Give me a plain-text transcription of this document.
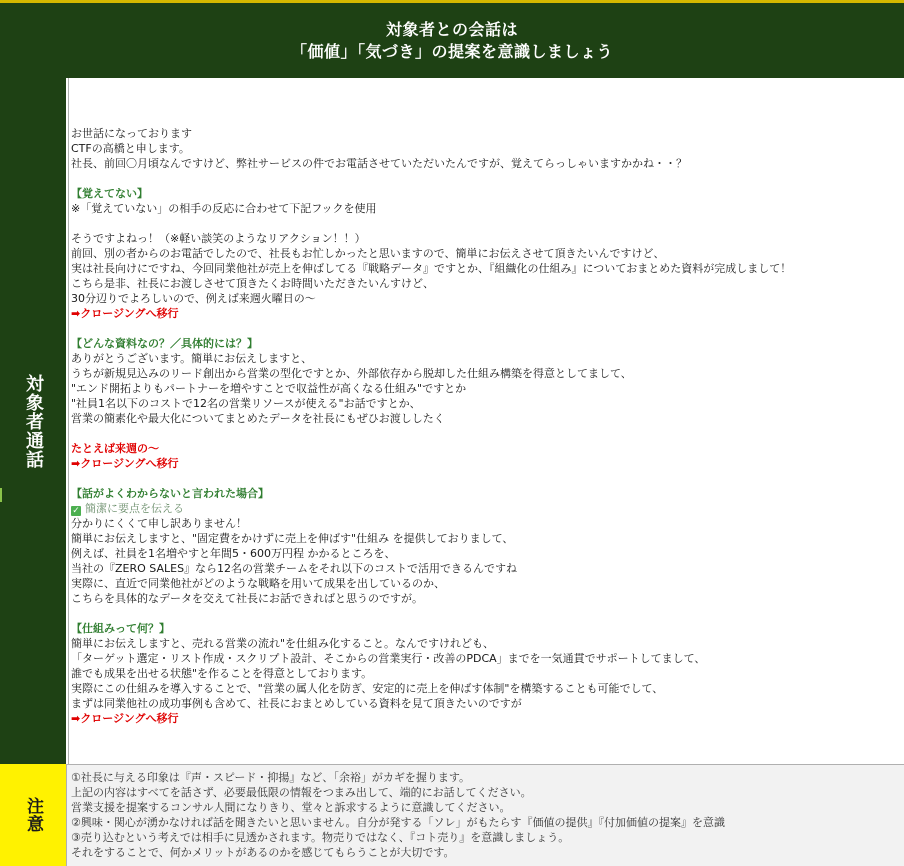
対象者との会話は
「価値」「気づき」の提案を意識しましょう
対象者通話
お世話になっております
CTFの高橋と申します。
社長、前回〇月頃なんですけど、弊社サービスの件でお電話させていただいたんですが、覚えてらっしゃいますかかね・・？
【覚えてない】
※「覚えていない」の相手の反応に合わせて下記フックを使用
そうですよねっ！（※軽い談笑のようなリアクション！！）
前回、別の者からのお電話でしたので、社長もお忙しかったと思いますので、簡単にお伝えさせて頂きたいんですけど、
実は社長向けにですね、今回同業他社が売上を伸ばしてる『戦略データ』ですとか、『組織化の仕組み』についておまとめた資料が完成しまして！
こちら是非、社長にお渡しさせて頂きたくお時間いただきたいんすけど、
30分辺りでよろしいので、例えば来週火曜日の〜
➡クロージングへ移行
【どんな資料なの？／具体的には？】
ありがとうございます。簡単にお伝えしますと、
うちが新規見込みのリード創出から営業の型化ですとか、外部依存から脱却した仕組み構築を得意としてまして、
"エンド開拓よりもパートナーを増やすことで収益性が高くなる仕組み"ですとか
"社員1名以下のコストで12名の営業リソースが使える"お話ですとか、
営業の簡素化や最大化についてまとめたデータを社長にもぜひお渡ししたく
たとえば来週の〜
➡クロージングへ移行
【話がよくわからないと言われた場合】
✓ 簡潔に要点を伝える
分かりにくくて申し訳ありません！
簡単にお伝えしますと、"固定費をかけずに売上を伸ばす"仕組み を提供しておりまして、
例えば、社員を1名増やすと年間5・600万円程 かかるところを、
当社の『ZERO SALES』なら12名の営業チームをそれ以下のコストで活用できるんですね
実際に、直近で同業他社がどのような戦略を用いて成果を出しているのか、
こちらを具体的なデータを交えて社長にお話できればと思うのですが。
【仕組みって何？】
簡単にお伝えしますと、売れる営業の流れ"を仕組み化すること。なんですけれども、
「ターゲット選定・リスト作成・スクリプト設計、そこからの営業実行・改善のPDCA」までを一気通貫でサポートしてまして、
誰でも成果を出せる状態"を作ることを得意としております。
実際にこの仕組みを導入することで、"営業の属人化を防ぎ、安定的に売上を伸ばす体制"を構築することも可能でして、
まずは同業他社の成功事例も含めて、社長におまとめしている資料を見て頂きたいのですが
➡クロージングへ移行
注意
①社長に与える印象は『声・スピード・抑揚』など、「余裕」がカギを握ります。
上記の内容はすべてを話さず、必要最低限の情報をつまみ出して、端的にお話してください。
営業支援を提案するコンサル人間になりきり、堂々と訴求するように意識してください。
②興味・関心が湧かなければ話を聞きたいと思いません。自分が発する「ソレ」がもたらす『価値の提供』『付加価値の提案』を意識
③売り込むという考えでは相手に見透かされます。物売りではなく、『コト売り』を意識しましょう。
それをすることで、何かメリットがあるのかを感じてもらうことが大切です。
